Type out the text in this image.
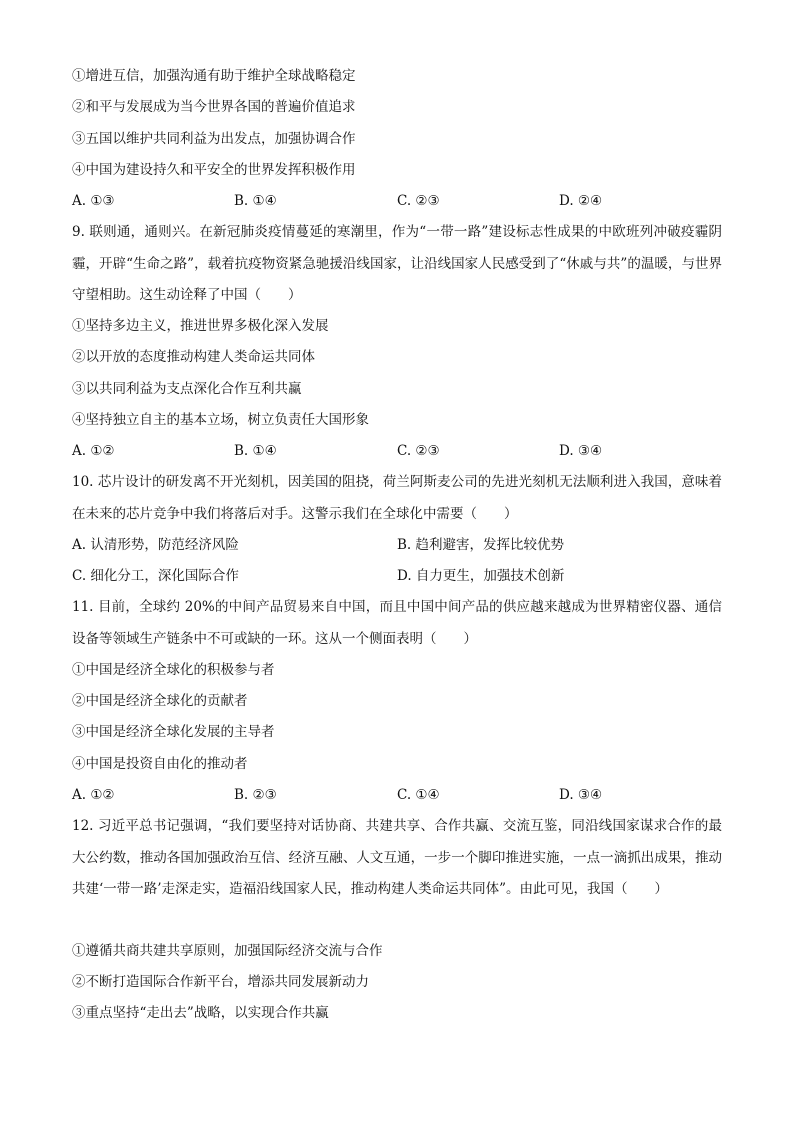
①增进互信，加强沟通有助于维护全球战略稳定
②和平与发展成为当今世界各国的普遍价值追求
③五国以维护共同利益为出发点，加强协调合作
④中国为建设持久和平安全的世界发挥积极作用
A. ①③	B. ①④	C. ②③	D. ②④
9. 联则通，通则兴。在新冠肺炎疫情蔓延的寒潮里，作为“一带一路”建设标志性成果的中欧班列冲破疫霾阴霾，开辟“生命之路”，载着抗疫物资紧急驰援沿线国家，让沿线国家人民感受到了“休戚与共”的温暖，与世界守望相助。这生动诠释了中国（　　）
①坚持多边主义，推进世界多极化深入发展
②以开放的态度推动构建人类命运共同体
③以共同利益为支点深化合作互利共赢
④坚持独立自主的基本立场，树立负责任大国形象
A. ①②	B. ①④	C. ②③	D. ③④
10. 芯片设计的研发离不开光刻机，因美国的阻挠，荷兰阿斯麦公司的先进光刻机无法顺利进入我国，意味着在未来的芯片竞争中我们将落后对手。这警示我们在全球化中需要（　　）
A. 认清形势，防范经济风险	B. 趋利避害，发挥比较优势
C. 细化分工，深化国际合作	D. 自力更生，加强技术创新
11. 目前，全球约 20%的中间产品贸易来自中国，而且中国中间产品的供应越来越成为世界精密仪器、通信设备等领域生产链条中不可或缺的一环。这从一个侧面表明（　　）
①中国是经济全球化的积极参与者
②中国是经济全球化的贡献者
③中国是经济全球化发展的主导者
④中国是投资自由化的推动者
A. ①②	B. ②③	C. ①④	D. ③④
12. 习近平总书记强调，“我们要坚持对话协商、共建共享、合作共赢、交流互鉴，同沿线国家谋求合作的最大公约数，推动各国加强政治互信、经济互融、人文互通，一步一个脚印推进实施，一点一滴抓出成果，推动共建‘一带一路’走深走实，造福沿线国家人民，推动构建人类命运共同体”。由此可见，我国（　　）
①遵循共商共建共享原则，加强国际经济交流与合作
②不断打造国际合作新平台，增添共同发展新动力
③重点坚持“走出去”战略，以实现合作共赢
